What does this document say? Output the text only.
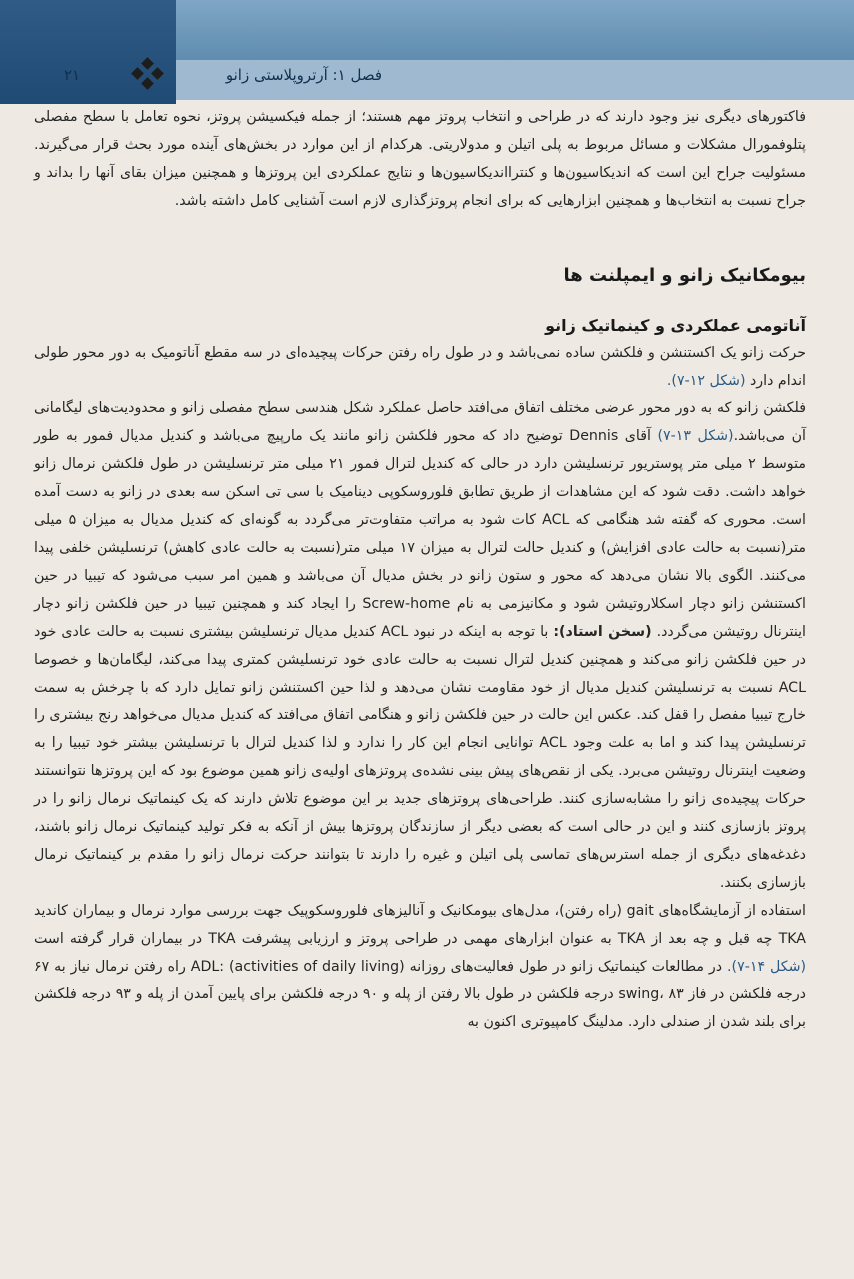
۲۱	فصل ۱: آرتروپلاستی زانو

فاکتورهای دیگری نیز وجود دارند که در طراحی و انتخاب پروتز مهم هستند؛ از جمله فیکسیشن پروتز، نحوه تعامل با سطح مفصلی پتلوفمورال مشکلات و مسائل مربوط به پلی اتیلن و مدولاریتی. هرکدام از این موارد در بخش‌های آینده مورد بحث قرار می‌گیرند. مسئولیت جراح این است که اندیکاسیون‌ها و کنترااندیکاسیون‌ها و نتایج عملکردی این پروتزها و همچنین میزان بقای آنها را بداند و جراح نسبت به انتخاب‌ها و همچنین ابزارهایی که برای انجام پروتزگذاری لازم است آشنایی کامل داشته باشد.

بیومکانیک زانو و ایمپلنت ها

آناتومی عملکردی و کینماتیک زانو

حرکت زانو یک اکستنشن و فلکشن ساده نمی‌باشد و در طول راه رفتن حرکات پیچیده‌ای در سه مقطع آناتومیک به دور محور طولی اندام دارد (شکل ۱۲-۷).

فلکشن زانو که به دور محور عرضی مختلف اتفاق می‌افتد حاصل عملکرد شکل هندسی سطح مفصلی زانو و محدودیت‌های لیگامانی آن می‌باشد.(شکل ۱۳-۷) آقای Dennis توضیح داد که محور فلکشن زانو مانند یک مارپیچ می‌باشد و کندیل مدیال فمور به طور متوسط ۲ میلی متر پوستریور ترنسلیشن دارد در حالی که کندیل لترال فمور ۲۱ میلی متر ترنسلیشن در طول فلکشن نرمال زانو خواهد داشت. دقت شود که این مشاهدات از طریق تطابق فلوروسکوپی دینامیک با سی تی اسکن سه بعدی در زانو به دست آمده است. محوری که گفته شد هنگامی که ACL کات شود به مراتب متفاوت‌تر می‌گردد به گونه‌ای که کندیل مدیال به میزان ۵ میلی متر(نسبت به حالت عادی افزایش) و کندیل حالت لترال به میزان ۱۷ میلی متر(نسبت به حالت عادی کاهش) ترنسلیشن خلفی پیدا می‌کنند. الگوی بالا نشان می‌دهد که محور و ستون زانو در بخش مدیال آن می‌باشد و همین امر سبب می‌شود که تیبیا در حین اکستنشن زانو دچار اسکلاروتیشن شود و مکانیزمی به نام Screw-home را ایجاد کند و همچنین تیبیا در حین فلکشن زانو دچار اینترنال روتیشن می‌گردد. (سخن استاد): با توجه به اینکه در نبود ACL کندیل مدیال ترنسلیشن بیشتری نسبت به حالت عادی خود در حین فلکشن زانو می‌کند و همچنین کندیل لترال نسبت به حالت عادی خود ترنسلیشن کمتری پیدا می‌کند، لیگامان‌ها و خصوصا ACL نسبت به ترنسلیشن کندیل مدیال از خود مقاومت نشان می‌دهد و لذا حین اکستنشن زانو تمایل دارد که با چرخش به سمت خارج تیبیا مفصل را قفل کند. عکس این حالت در حین فلکشن زانو و هنگامی اتفاق می‌افتد که کندیل مدیال می‌خواهد رنج بیشتری را ترنسلیشن پیدا کند و اما به علت وجود ACL توانایی انجام این کار را ندارد و لذا کندیل لترال با ترنسلیشن بیشتر خود تیبیا را به وضعیت اینترنال روتیشن می‌برد. یکی از نقص‌های پیش بینی نشده‌ی پروتزهای اولیه‌ی زانو همین موضوع بود که این پروتزها نتوانستند حرکات پیچیده‌ی زانو را مشابه‌سازی کنند. طراحی‌های پروتزهای جدید بر این موضوع تلاش دارند که یک کینماتیک نرمال زانو را در پروتز بازسازی کنند و این در حالی است که بعضی دیگر از سازندگان پروتزها بیش از آنکه به فکر تولید کینماتیک نرمال زانو باشند، دغدغه‌های دیگری از جمله استرس‌های تماسی پلی اتیلن و غیره را دارند تا بتوانند حرکت نرمال زانو را مقدم بر کینماتیک نرمال بازسازی بکنند.

استفاده از آزمایشگاه‌های gait (راه رفتن)، مدل‌های بیومکانیک و آنالیزهای فلوروسکوپیک جهت بررسی موارد نرمال و بیماران کاندید TKA چه قبل و چه بعد از TKA به عنوان ابزارهای مهمی در طراحی پروتز و ارزیابی پیشرفت TKA در بیماران قرار گرفته است (شکل ۱۴-۷). در مطالعات کینماتیک زانو در طول فعالیت‌های روزانه ADL: (activities of daily living) راه رفتن نرمال نیاز به ۶۷ درجه فلکشن در فاز swing، ۸۳ درجه فلکشن در طول بالا رفتن از پله و ۹۰ درجه فلکشن برای پایین آمدن از پله و ۹۳ درجه فلکشن برای بلند شدن از صندلی دارد. مدلینگ کامپیوتری اکنون به
